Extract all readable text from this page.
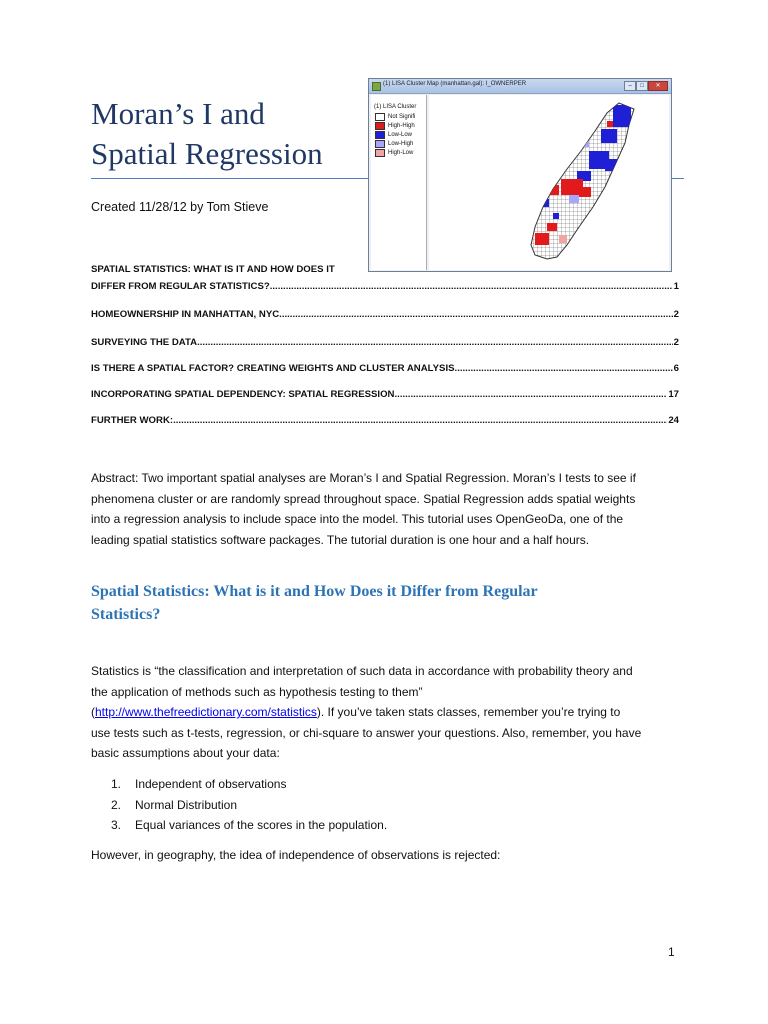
Moran’s I and
Spatial Regression
Created 11/28/12 by Tom Stieve
(1) LISA Cluster Map (manhattan.gal): I_OWNERPER	–	□	✕
(1) LISA Cluster
Not Signifi
High-High
Low-Low
Low-High
High-Low
SPATIAL STATISTICS: WHAT IS IT AND HOW DOES IT
DIFFER FROM REGULAR STATISTICS? .....	1
HOMEOWNERSHIP IN MANHATTAN, NYC. .....	2
SURVEYING THE DATA. .....	2
IS THERE A SPATIAL FACTOR? CREATING WEIGHTS AND CLUSTER ANALYSIS. .....	6
INCORPORATING SPATIAL DEPENDENCY: SPATIAL REGRESSION .....	17
FURTHER WORK: .....	24
Abstract: Two important spatial analyses are Moran’s I and Spatial Regression. Moran’s I tests to see if
phenomena cluster or are randomly spread throughout space. Spatial Regression adds spatial weights
into a regression analysis to include space into the model. This tutorial uses OpenGeoDa, one of the
leading spatial statistics software packages. The tutorial duration is one hour and a half hours.
Spatial Statistics: What is it and How Does it Differ from Regular
Statistics?
Statistics is “the classification and interpretation of such data in accordance with probability theory and
the application of methods such as hypothesis testing to them”
(http://www.thefreedictionary.com/statistics). If you’ve taken stats classes, remember you’re trying to
use tests such as t-tests, regression, or chi-square to answer your questions. Also, remember, you have
basic assumptions about your data:
1.	Independent of observations
2.	Normal Distribution
3.	Equal variances of the scores in the population.
However, in geography, the idea of independence of observations is rejected:
1
